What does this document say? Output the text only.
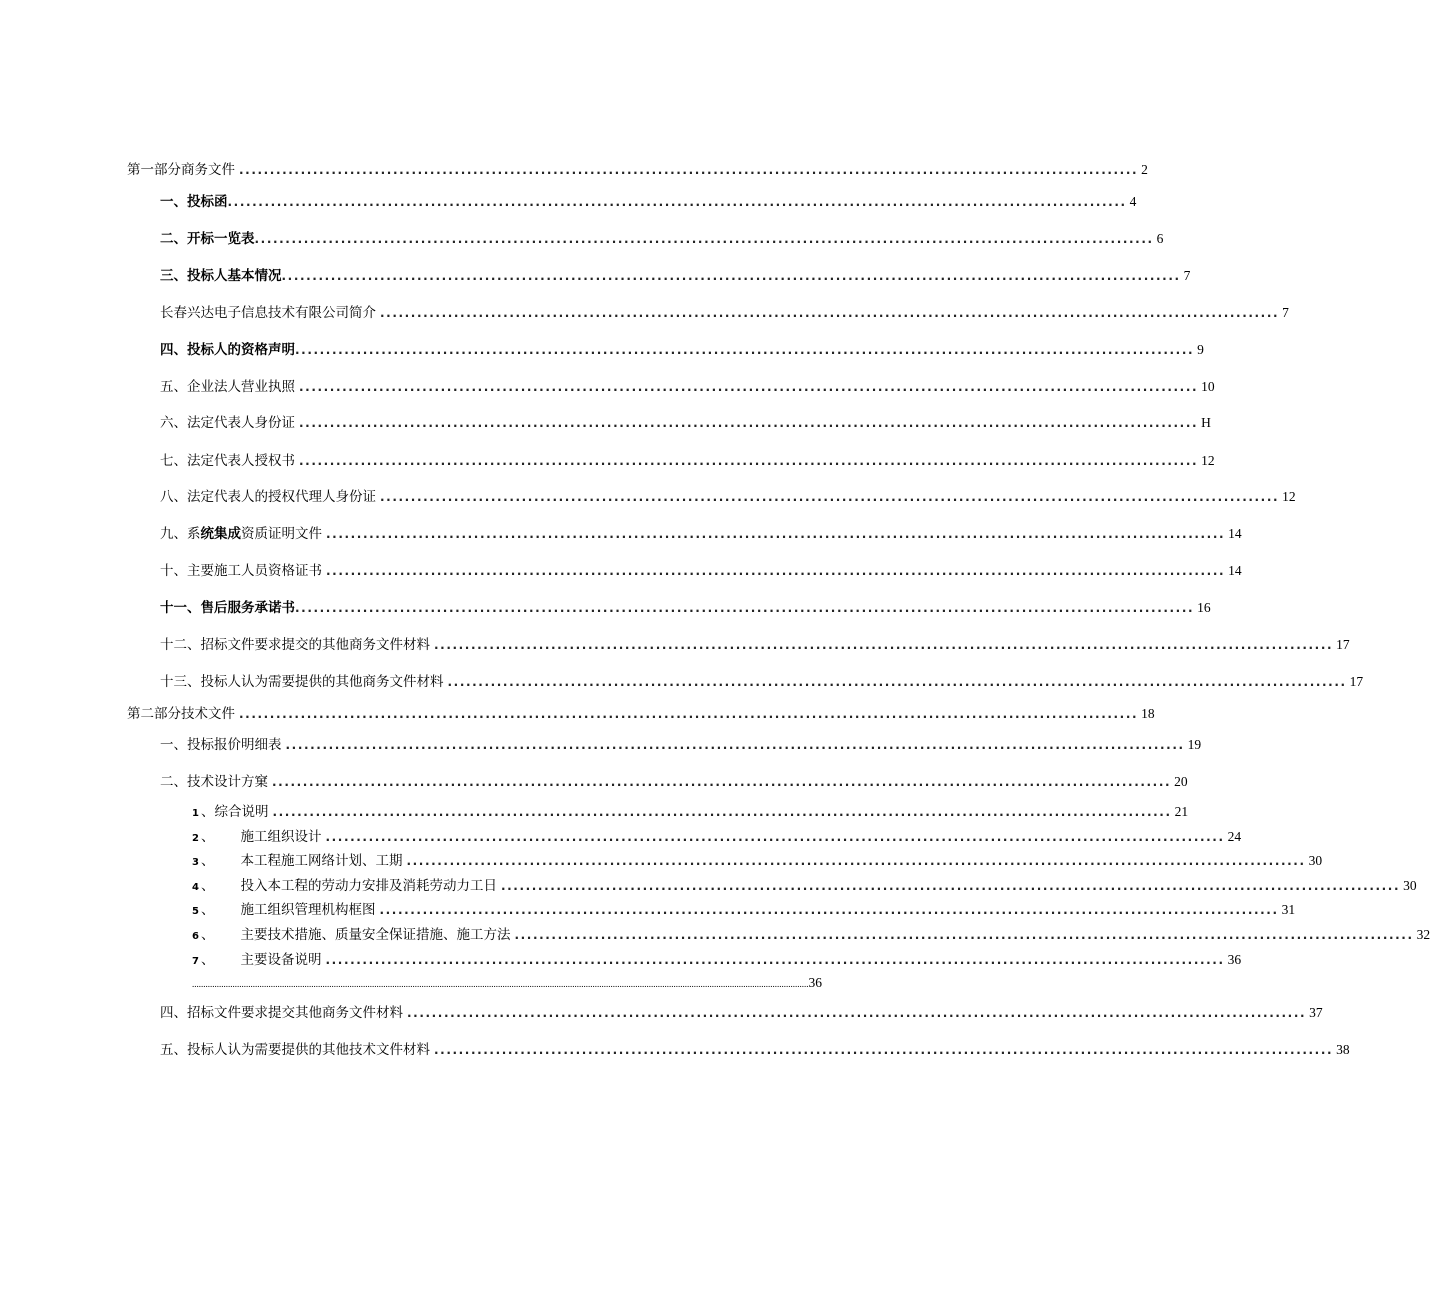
第一部分商务文件 .................................................................................................................................................. 2
一、投标函 .................................................................................................................................................. 4
二、开标一览表 .................................................................................................................................................. 6
三、投标人基本情况 .................................................................................................................................................. 7
长春兴达电子信息技术有限公司简介 .................................................................................................................................................. 7
四、投标人的资格声明 .................................................................................................................................................. 9
五、企业法人营业执照 .................................................................................................................................................. 10
六、法定代表人身份证 .................................................................................................................................................. H
七、法定代表人授权书 .................................................................................................................................................. 12
八、法定代表人的授权代理人身份证 .................................................................................................................................................. 12
九、系统集成资质证明文件 .................................................................................................................................................. 14
十、主要施工人员资格证书 .................................................................................................................................................. 14
十一、售后服务承诺书 .................................................................................................................................................. 16
十二、招标文件要求提交的其他商务文件材料 .................................................................................................................................................. 17
十三、投标人认为需要提供的其他商务文件材料 .................................................................................................................................................. 17
第二部分技术文件 .................................................................................................................................................. 18
一、投标报价明细表 .................................................................................................................................................. 19
二、技术设计方窠 .................................................................................................................................................. 20
1 、综合说明 .................................................................................................................................................. 21
2 、 施工组织设计 .................................................................................................................................................. 24
3 、 本工程施工网络计划、工期 .................................................................................................................................................. 30
4 、 投入本工程的劳动力安排及消耗劳动力工日 .................................................................................................................................................. 30
5 、 施工组织管理机构框图 .................................................................................................................................................. 31
6 、 主要技术措施、质量安全保证措施、施工方法 .................................................................................................................................................. 32
7 、 主要设备说明 .................................................................................................................................................. 36
.................................................................................................................................................................................................................................................................................. 36
四、招标文件要求提交其他商务文件材料 .................................................................................................................................................. 37
五、投标人认为需要提供的其他技术文件材料 .................................................................................................................................................. 38
